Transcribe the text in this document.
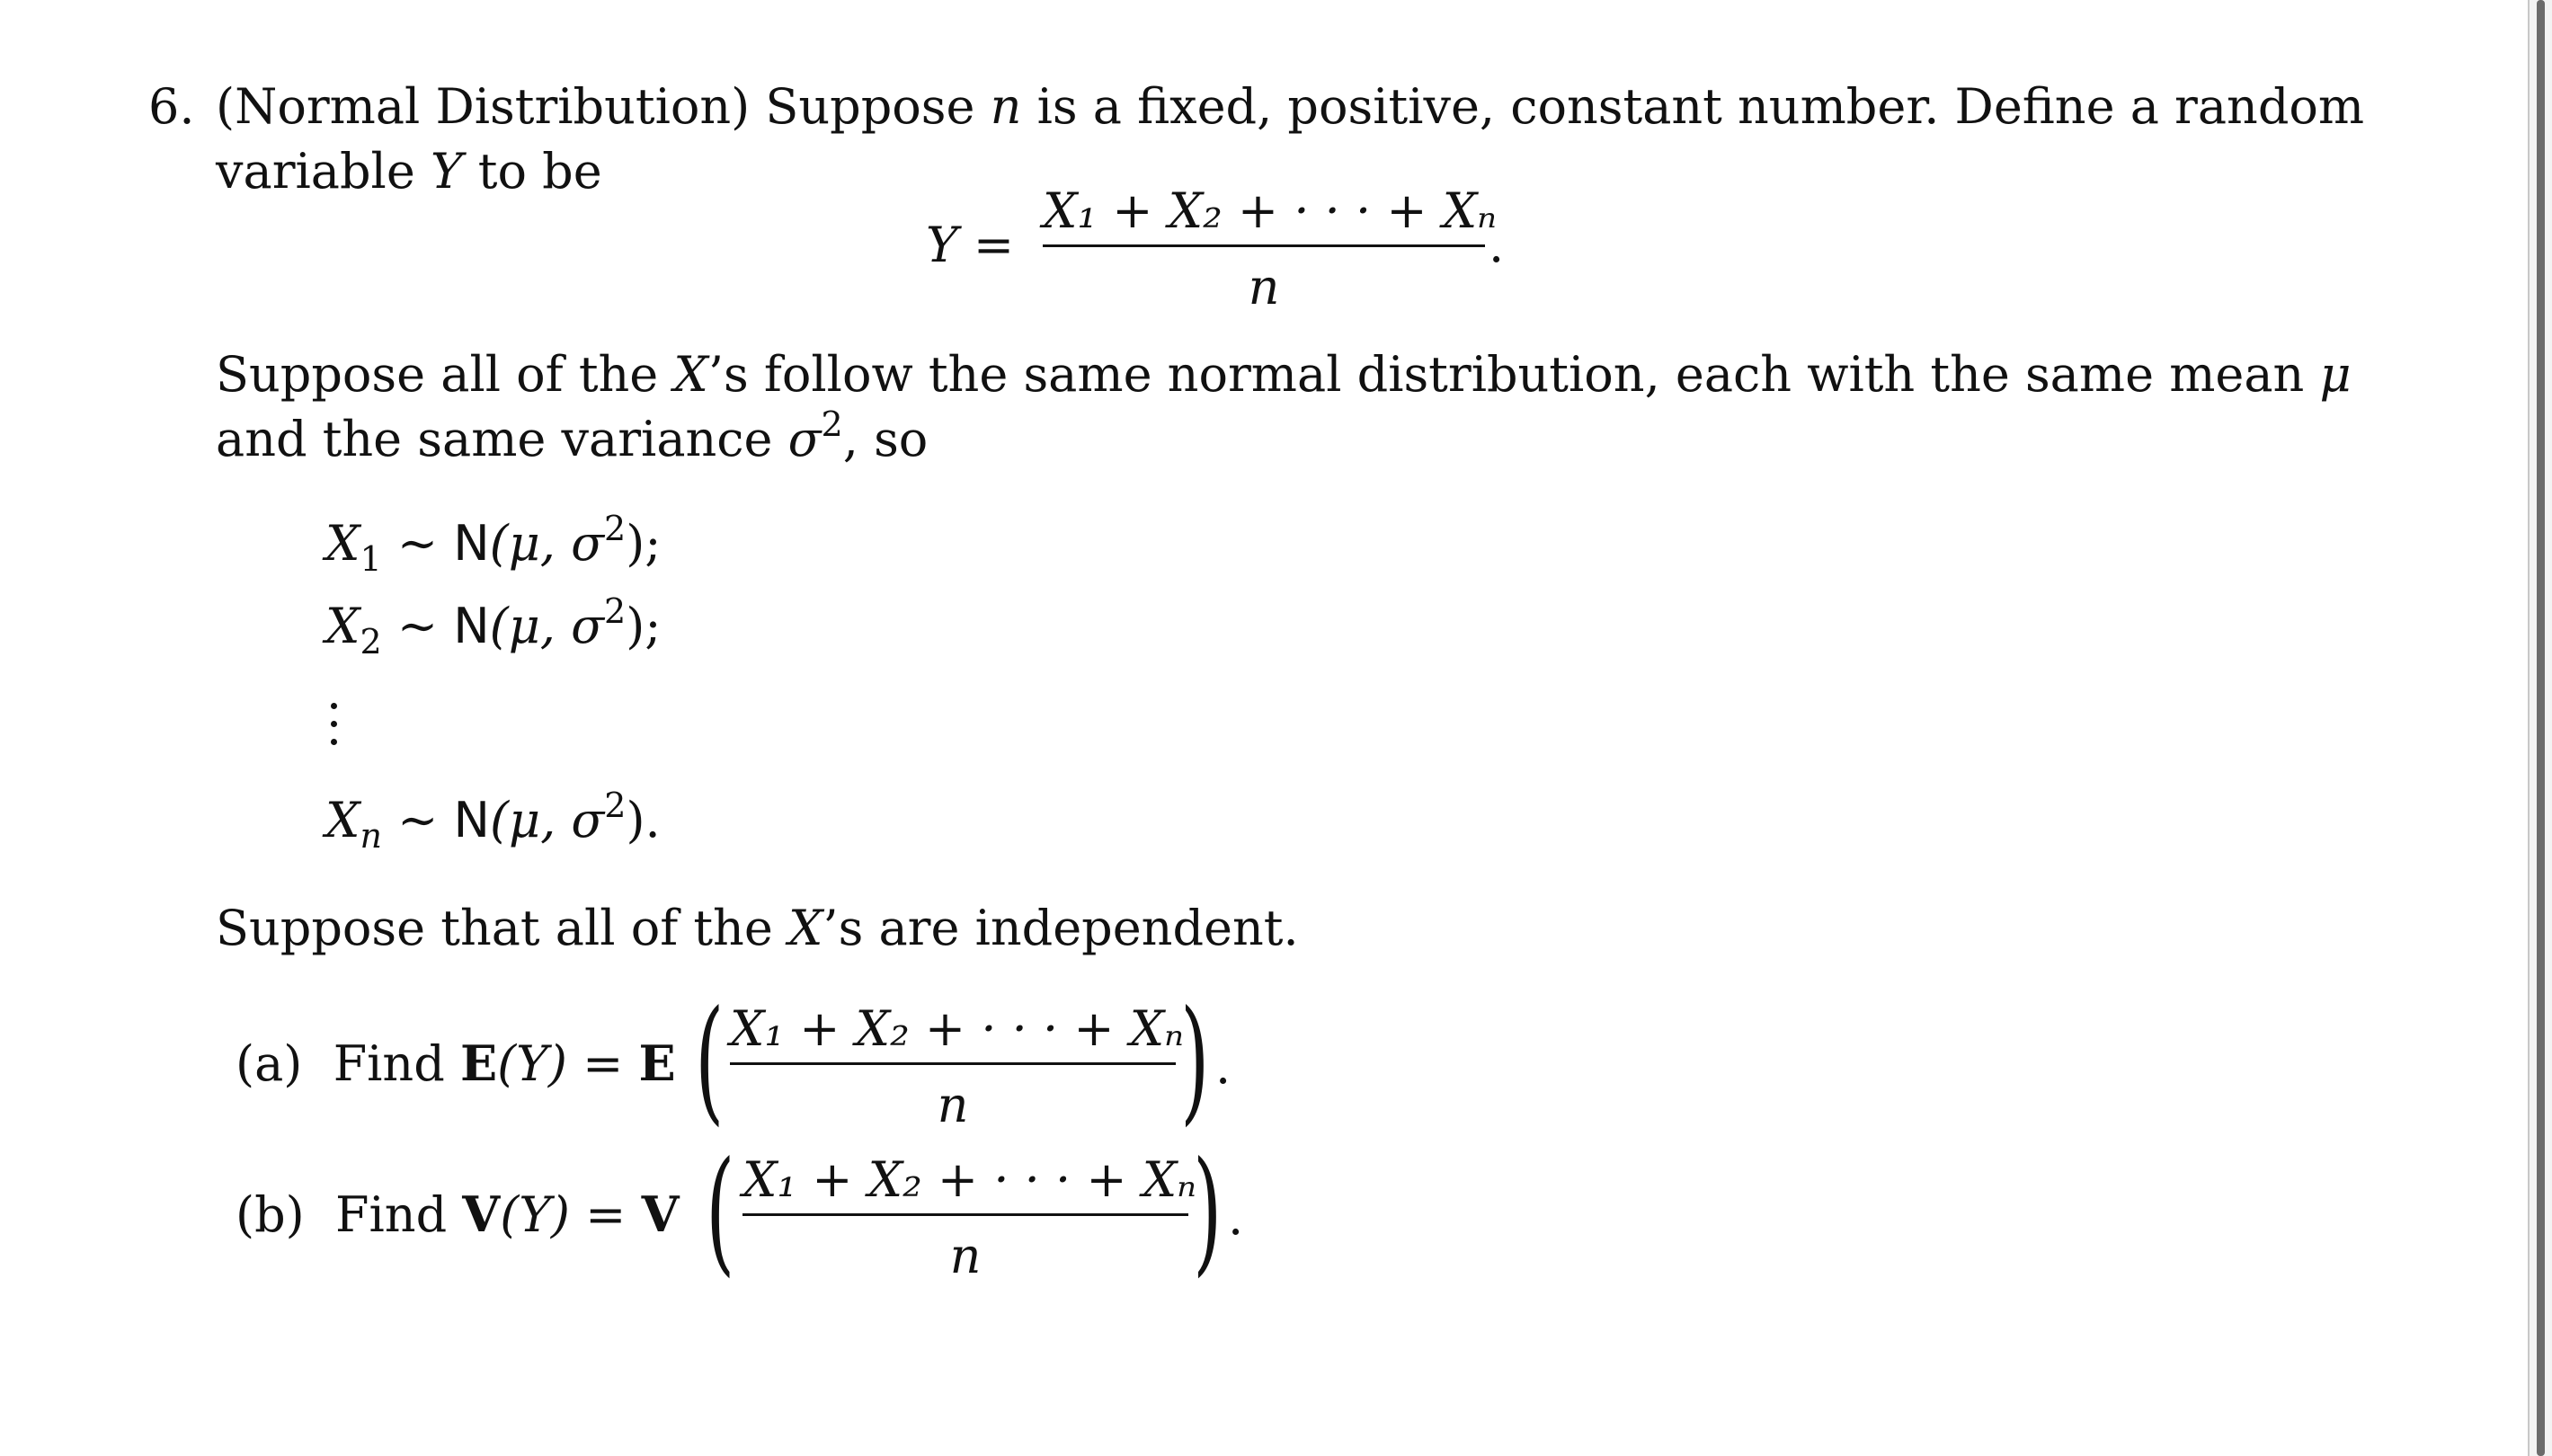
6. (Normal Distribution) Suppose n is a fixed, positive, constant number. Define a random
variable Y to be
Y =
X₁ + X₂ + · · · + Xₙ
n
.
Suppose all of the X’s follow the same normal distribution, each with the same mean μ
and the same variance $\sigma^2$, so
$X_1$ ∼ N(μ, $\sigma^2$);
$X_2$ ∼ N(μ, $\sigma^2$);
$X_n$ ∼ N(μ, $\sigma^2$).
Suppose that all of the X’s are independent.
(a) Find E(Y) = E ( X₁ + X₂ + · · · + Xₙ
n	) .
(b) Find V(Y) = V ( X₁ + X₂ + · · · + Xₙ
n	) .
